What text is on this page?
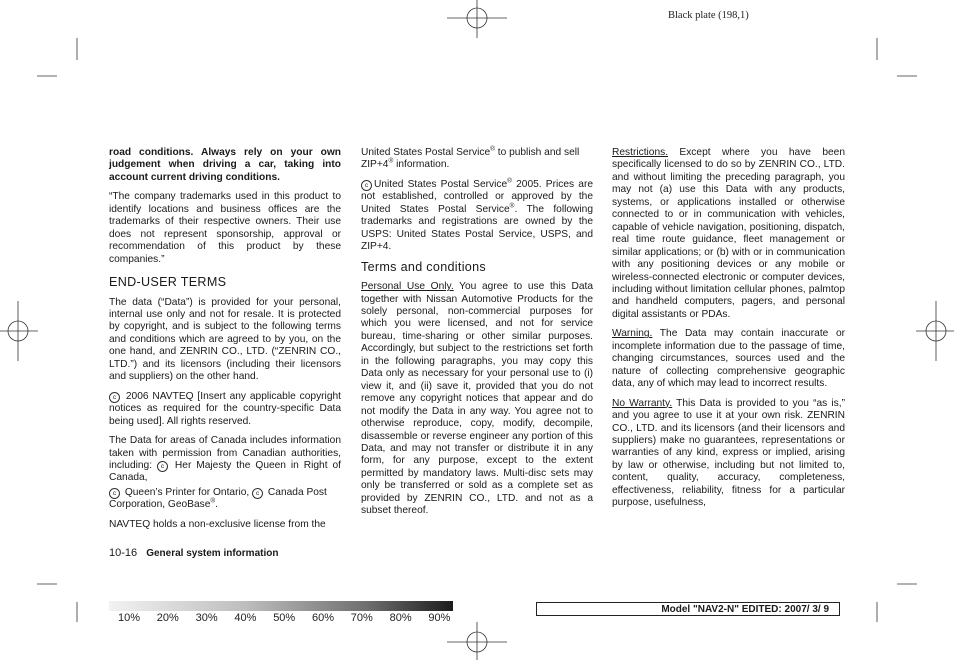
Black plate (198,1)

road conditions. Always rely on your own judgement when driving a car, taking into account current driving conditions.

“The company trademarks used in this product to identify locations and business offices are the trademarks of their respective owners. Their use does not represent sponsorship, approval or recommendation of this product by these companies.”

END-USER TERMS

The data (“Data”) is provided for your personal, internal use only and not for resale. It is protected by copyright, and is subject to the following terms and conditions which are agreed to by you, on the one hand, and ZENRIN CO., LTD. (“ZENRIN CO., LTD.”) and its licensors (including their licensors and suppliers) on the other hand.

c 2006 NAVTEQ [Insert any applicable copyright notices as required for the country-specific Data being used]. All rights reserved.

The Data for areas of Canada includes information taken with permission from Canadian authorities, including: c Her Majesty the Queen in Right of Canada,

c Queen’s Printer for Ontario, c Canada Post Corporation, GeoBase®.

NAVTEQ holds a non-exclusive license from the

United States Postal Service® to publish and sell ZIP+4® information.

c United States Postal Service® 2005. Prices are not established, controlled or approved by the United States Postal Service®. The following trademarks and registrations are owned by the USPS: United States Postal Service, USPS, and ZIP+4.

Terms and conditions

Personal Use Only. You agree to use this Data together with Nissan Automotive Products for the solely personal, non-commercial purposes for which you were licensed, and not for service bureau, time-sharing or other similar purposes. Accordingly, but subject to the restrictions set forth in the following paragraphs, you may copy this Data only as necessary for your personal use to (i) view it, and (ii) save it, provided that you do not remove any copyright notices that appear and do not modify the Data in any way. You agree not to otherwise reproduce, copy, modify, decompile, disassemble or reverse engineer any portion of this Data, and may not transfer or distribute it in any form, for any purpose, except to the extent permitted by mandatory laws. Multi-disc sets may only be transferred or sold as a complete set as provided by ZENRIN CO., LTD. and not as a subset thereof.

Restrictions. Except where you have been specifically licensed to do so by ZENRIN CO., LTD. and without limiting the preceding paragraph, you may not (a) use this Data with any products, systems, or applications installed or otherwise connected to or in communication with vehicles, capable of vehicle navigation, positioning, dispatch, real time route guidance, fleet management or similar applications; or (b) with or in communication with any positioning devices or any mobile or wireless-connected electronic or computer devices, including without limitation cellular phones, palmtop and handheld computers, pagers, and personal digital assistants or PDAs.

Warning. The Data may contain inaccurate or incomplete information due to the passage of time, changing circumstances, sources used and the nature of collecting comprehensive geographic data, any of which may lead to incorrect results.

No Warranty. This Data is provided to you “as is,” and you agree to use it at your own risk. ZENRIN CO., LTD. and its licensors (and their licensors and suppliers) make no guarantees, representations or warranties of any kind, express or implied, arising by law or otherwise, including but not limited to, content, quality, accuracy, completeness, effectiveness, reliability, fitness for a particular purpose, usefulness,

10-16 General system information
10% 20% 30% 40% 50% 60% 70% 80% 90%
Model "NAV2-N" EDITED: 2007/ 3/ 9
